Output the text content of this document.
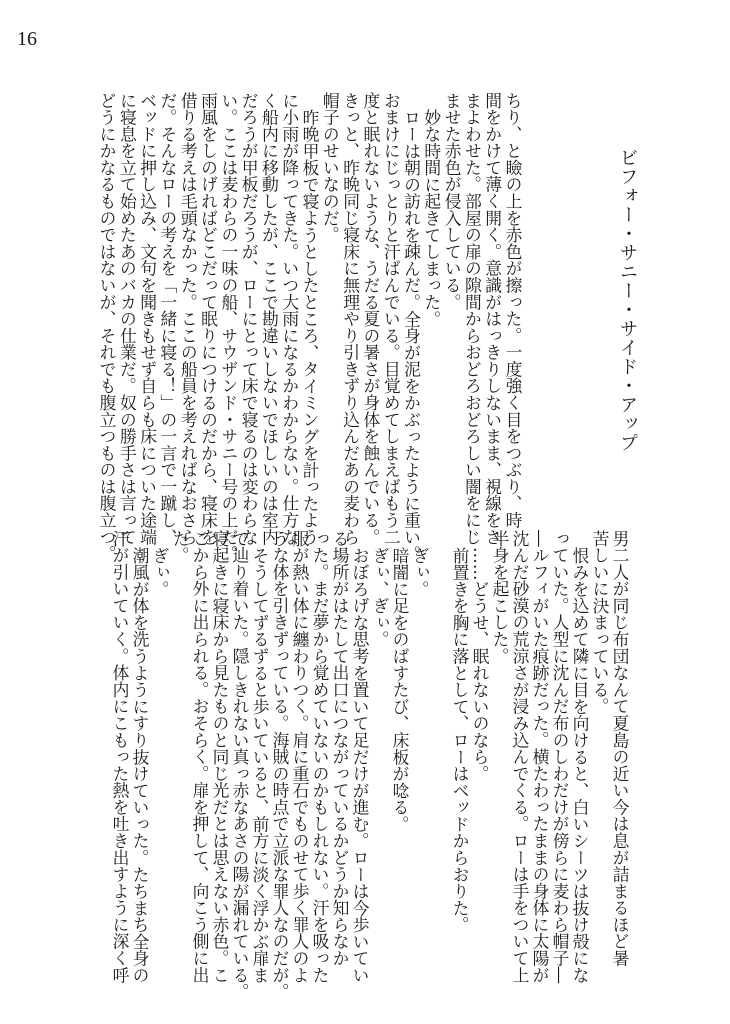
16
ビフォー・サニー・サイド・アップ
ちり、と瞼の上を赤色が擦った。一度強く目をつぶり、時
間をかけて薄く開く。意識がはっきりしないまま、視線をさ
まよわせた。部屋の扉の隙間からおどろおどろしい闇をにじ
ませた赤色が侵入している。
妙な時間に起きてしまった。
ローは朝の訪れを疎んだ。全身が泥をかぶったように重い。
おまけにじっとりと汗ばんでいる。目覚めてしまえばもう二
度と眠れないような、うだる夏の暑さが身体を蝕んでいる。
きっと、昨晩同じ寝床に無理やり引きずり込んだあの麦わら
帽子のせいなのだ。
昨晩甲板で寝ようとしたところ、タイミングを計ったよう
に小雨が降ってきた。いつ大雨になるかわからない。仕方な
く船内に移動したが、ここで勘違いしないでほしいのは室内
だろうが甲板だろうが、ローにとって床で寝るのは変わらな
い。ここは麦わらの一味の船、サウザンド・サニー号の上だ。
雨風をしのげればどこだって眠りにつけるのだから、寝床を
借りる考えは毛頭なかった。ここの船員を考えればなおさら
だ。そんなローの考えを「一緒に寝る！」の一言で一蹴し、
ベッドに押し込み、文句を聞きもせず自らも床についた途端
に寝息を立て始めたあのバカの仕業だ。奴の勝手さは言って
どうにかなるものではないが、それでも腹立つものは腹立つ。
男二人が同じ布団なんて夏島の近い今は息が詰まるほど暑
苦しいに決まっている。
恨みを込めて隣に目を向けると、白いシーツは抜け殻にな
っていた。人型に沈んだ布のしわだけが傍らに麦わら帽子―
―ルフィがいた痕跡だった。横たわったままの身体に太陽が
沈んだ砂漠の荒涼さが浸み込んでくる。ローは手をついて上
半身を起こした。
……どうせ、眠れないのなら。
前置きを胸に落として、ローはベッドからおりた。
ぎぃ。
暗闇に足をのばすたび、床板が唸る。
ぎぃ、ぎぃ。
おぼろげな思考を置いて足だけが進む。ローは今歩いてい
る場所がはたして出口につながっているかどうか知らなか
った。まだ夢から覚めていないのかもしれない。汗を吸った
服が熱い体に纏わりつく。肩に重石でものせて歩く罪人のよ
うな体を引きずっている。海賊の時点で立派な罪人なのだが。
そうしてずるずると歩いていると、前方に淡く浮かぶ扉ま
で辿り着いた。隠しきれない真っ赤なあさの陽が漏れている。
寝起きに寝床から見たものと同じ光だとは思えない赤色。こ
こから外に出られる。おそらく。扉を押して、向こう側に出
た。
ぎぃ。
潮風が体を洗うようにすり抜けていった。たちまち全身の
汗が引いていく。体内にこもった熱を吐き出すように深く呼
